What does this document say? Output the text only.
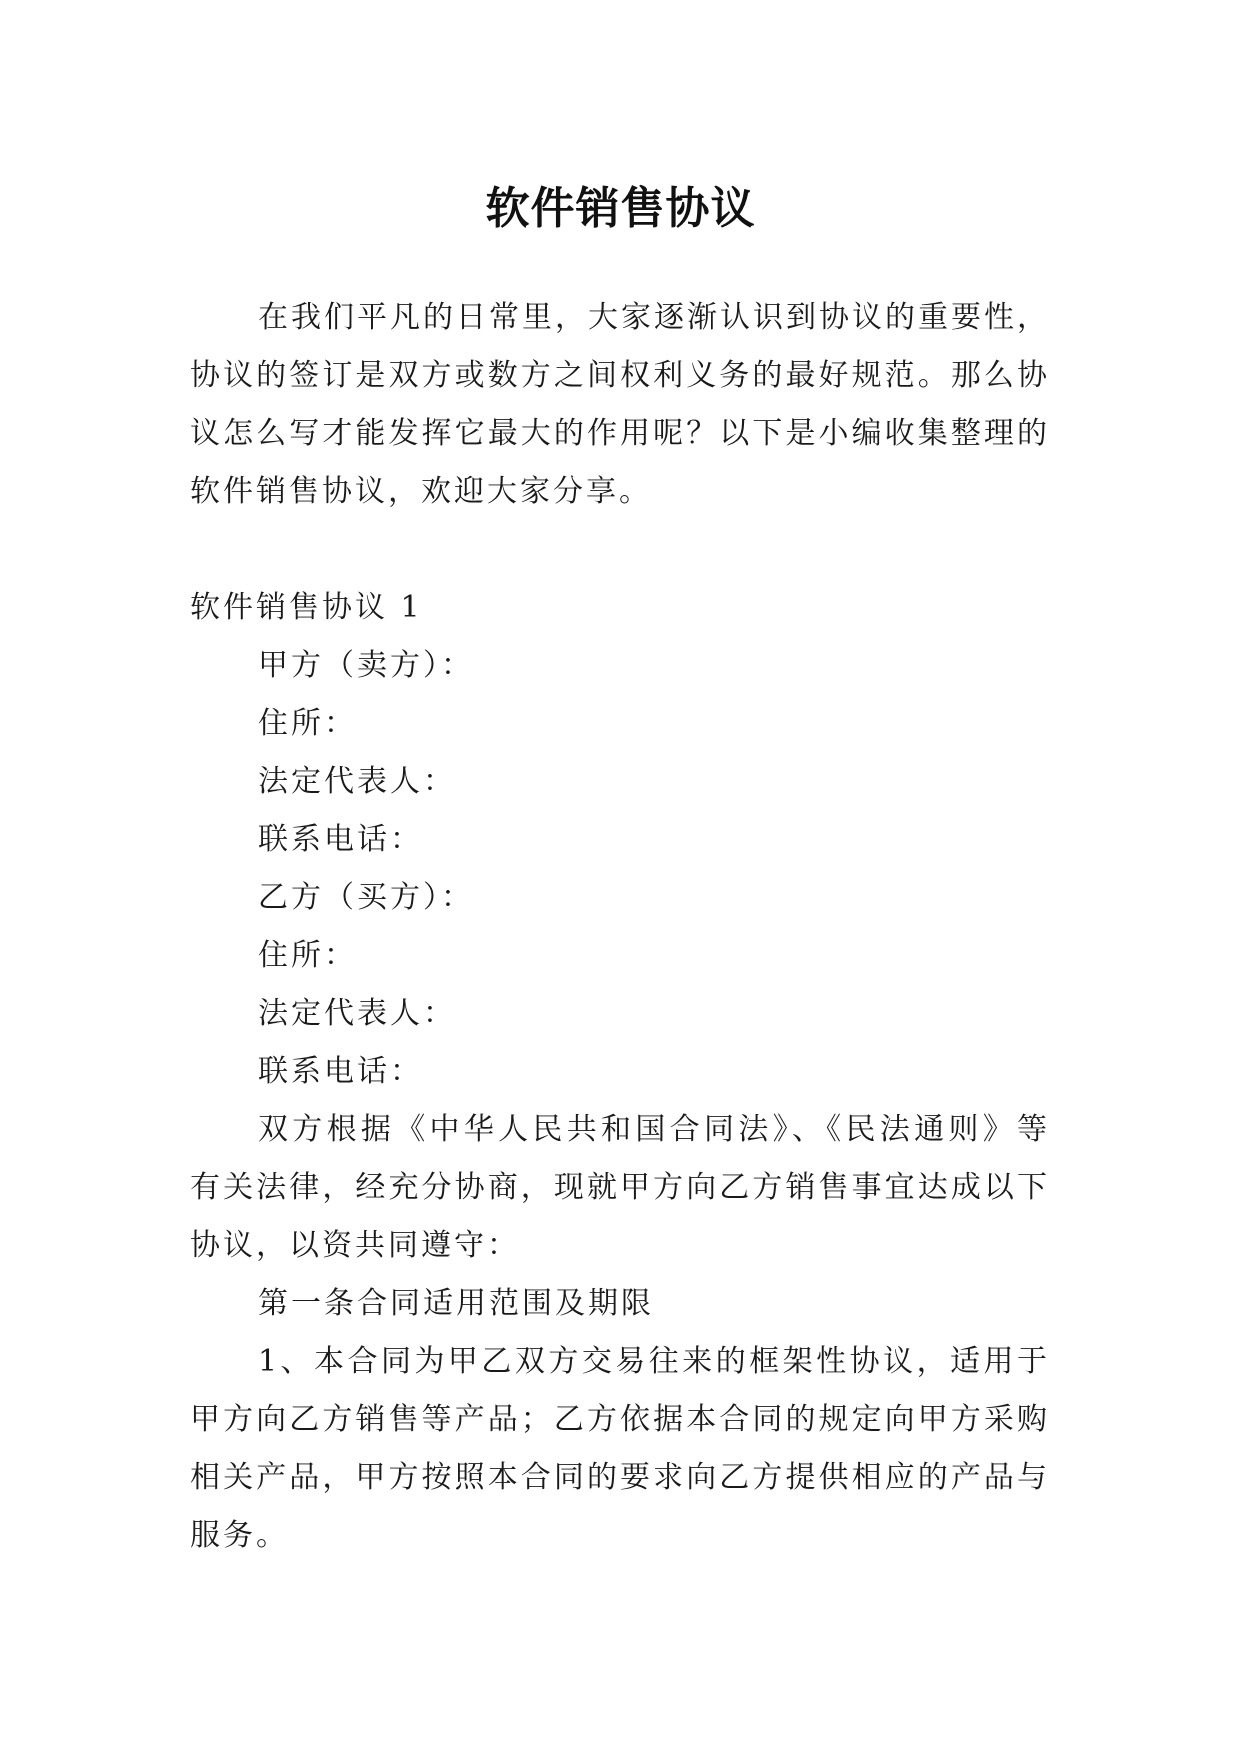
软件销售协议

在我们平凡的日常里，大家逐渐认识到协议的重要性，协议的签订是双方或数方之间权利义务的最好规范。那么协议怎么写才能发挥它最大的作用呢？以下是小编收集整理的软件销售协议，欢迎大家分享。

软件销售协议 1

甲方（卖方）：

住所：

法定代表人：

联系电话：

乙方（买方）：

住所：

法定代表人：

联系电话：

双方根据《中华人民共和国合同法》、《民法通则》等有关法律，经充分协商，现就甲方向乙方销售事宜达成以下协议，以资共同遵守：

第一条合同适用范围及期限

1、本合同为甲乙双方交易往来的框架性协议，适用于甲方向乙方销售等产品；乙方依据本合同的规定向甲方采购相关产品，甲方按照本合同的要求向乙方提供相应的产品与服务。
